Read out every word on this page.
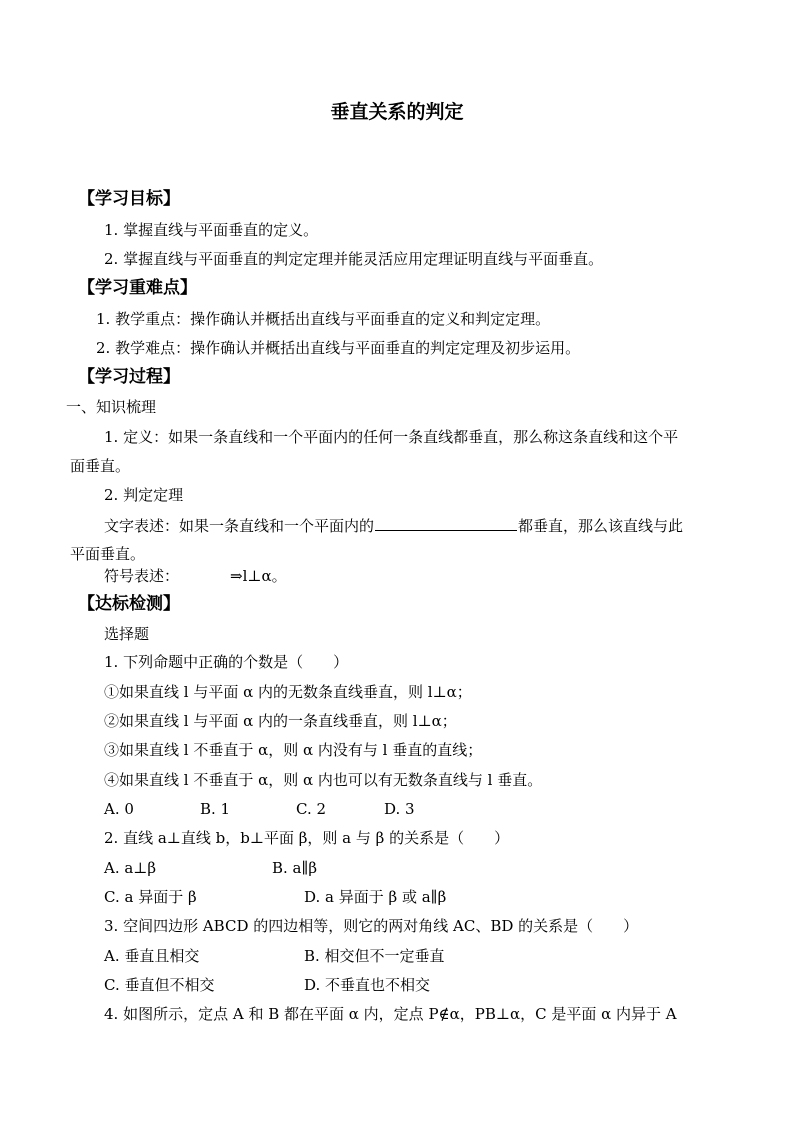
垂直关系的判定
【学习目标】
1. 掌握直线与平面垂直的定义。
2. 掌握直线与平面垂直的判定定理并能灵活应用定理证明直线与平面垂直。
【学习重难点】
1. 教学重点：操作确认并概括出直线与平面垂直的定义和判定定理。
2. 教学难点：操作确认并概括出直线与平面垂直的判定定理及初步运用。
【学习过程】
一、知识梳理
1. 定义：如果一条直线和一个平面内的任何一条直线都垂直，那么称这条直线和这个平
面垂直。
2. 判定定理
文字表述：如果一条直线和一个平面内的	都垂直，那么该直线与此
平面垂直。
符号表述：	⇒l⊥α。
【达标检测】
选择题
1. 下列命题中正确的个数是（　　）
①如果直线 l 与平面 α 内的无数条直线垂直，则 l⊥α；
②如果直线 l 与平面 α 内的一条直线垂直，则 l⊥α；
③如果直线 l 不垂直于 α，则 α 内没有与 l 垂直的直线；
④如果直线 l 不垂直于 α，则 α 内也可以有无数条直线与 l 垂直。
A. 0	B. 1	C. 2	D. 3
2. 直线 a⊥直线 b，b⊥平面 β，则 a 与 β 的关系是（　　）
A. a⊥β	B. a∥β
C. a 异面于 β	D. a 异面于 β 或 a∥β
3. 空间四边形 ABCD 的四边相等，则它的两对角线 AC、BD 的关系是（　　）
A. 垂直且相交	B. 相交但不一定垂直
C. 垂直但不相交	D. 不垂直也不相交
4. 如图所示，定点 A 和 B 都在平面 α 内，定点 P∉α，PB⊥α，C 是平面 α 内异于 A
